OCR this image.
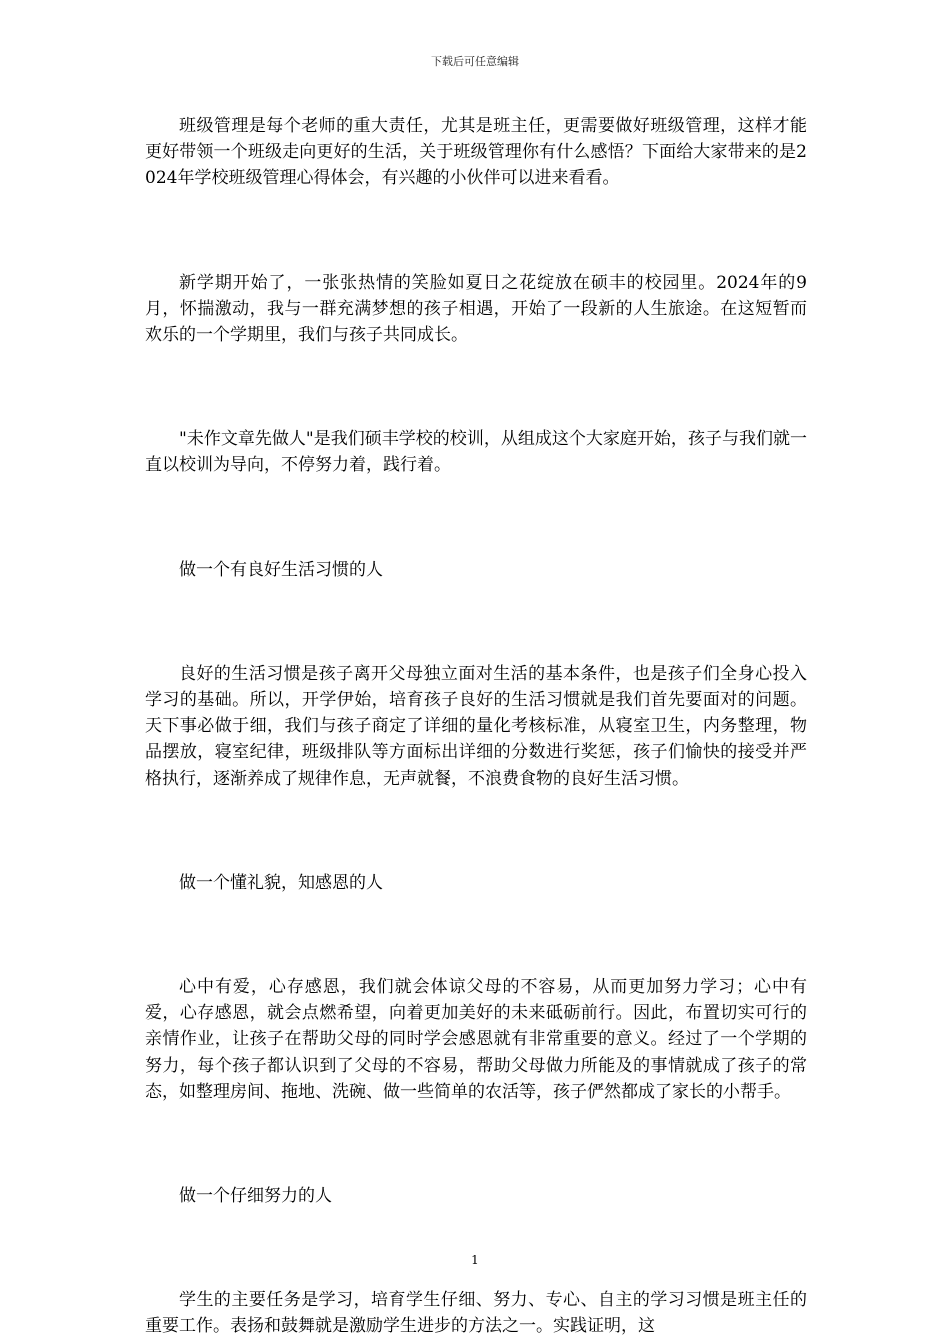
下载后可任意编辑

班级管理是每个老师的重大责任，尤其是班主任，更需要做好班级管理，这样才能更好带领一个班级走向更好的生活，关于班级管理你有什么感悟？下面给大家带来的是2024年学校班级管理心得体会，有兴趣的小伙伴可以进来看看。

新学期开始了，一张张热情的笑脸如夏日之花绽放在硕丰的校园里。2024年的9月，怀揣激动，我与一群充满梦想的孩子相遇，开始了一段新的人生旅途。在这短暂而欢乐的一个学期里，我们与孩子共同成长。

"未作文章先做人"是我们硕丰学校的校训，从组成这个大家庭开始，孩子与我们就一直以校训为导向，不停努力着，践行着。

做一个有良好生活习惯的人

良好的生活习惯是孩子离开父母独立面对生活的基本条件，也是孩子们全身心投入学习的基础。所以，开学伊始，培育孩子良好的生活习惯就是我们首先要面对的问题。天下事必做于细，我们与孩子商定了详细的量化考核标准，从寝室卫生，内务整理，物品摆放，寝室纪律，班级排队等方面标出详细的分数进行奖惩，孩子们愉快的接受并严格执行，逐渐养成了规律作息，无声就餐，不浪费食物的良好生活习惯。

做一个懂礼貌，知感恩的人

心中有爱，心存感恩，我们就会体谅父母的不容易，从而更加努力学习；心中有爱，心存感恩，就会点燃希望，向着更加美好的未来砥砺前行。因此，布置切实可行的亲情作业，让孩子在帮助父母的同时学会感恩就有非常重要的意义。经过了一个学期的努力，每个孩子都认识到了父母的不容易，帮助父母做力所能及的事情就成了孩子的常态，如整理房间、拖地、洗碗、做一些简单的农活等，孩子俨然都成了家长的小帮手。

做一个仔细努力的人

学生的主要任务是学习，培育学生仔细、努力、专心、自主的学习习惯是班主任的重要工作。表扬和鼓舞就是激励学生进步的方法之一。实践证明，这

1
